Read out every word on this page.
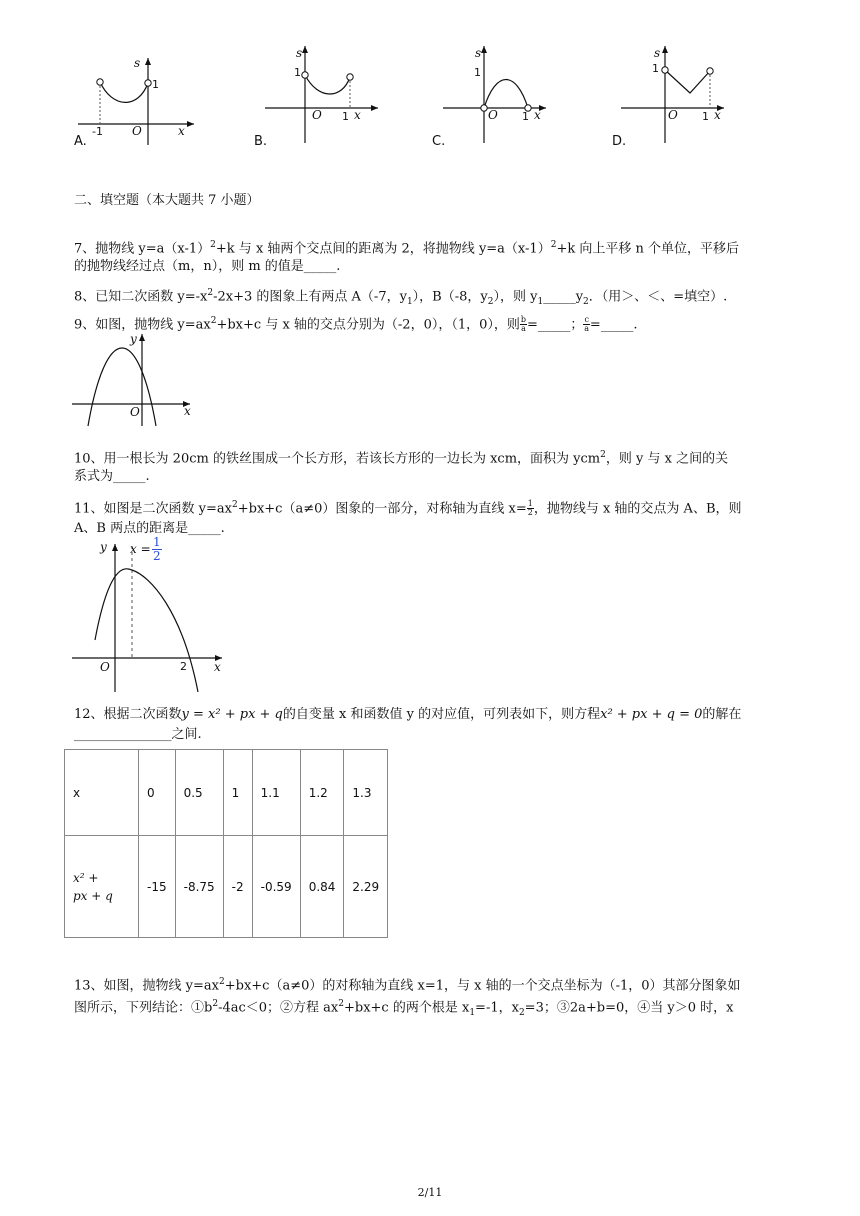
s
-1 O	x
1
A.
s
1
O 1 x
B.
s
1
O 1 x
C.
s
1
O 1 x
D.
二、填空题（本大题共 7 小题）
7、抛物线 $y=a(x-1)^2+k$ 与 x 轴两个交点间的距离为 2，将抛物线 $y=a(x-1)^2+k$ 向上平移 n 个单位，平移后
的抛物线经过点（m，n），则 m 的值是_____.
8、已知二次函数 $y=-x^2-2x+3$ 的图象上有两点 A（-7，$y_1$），B（-8，$y_2$），则 $y_1\_\_\_\_\_y_2$．（用＞、＜、=填空）.
9、如图，抛物线 $y=ax^2+bx+c$ 与 x 轴的交点分别为（-2，0），（1，0），则 $\frac{b}{a}$ =_____； $\frac{c}{a}$ =_____.
y
O	x
10、用一根长为 20cm 的铁丝围成一个长方形，若该长方形的一边长为 xcm，面积为 ycm$^2$，则 y 与 x 之间的关
系式为_____.
11、如图是二次函数 $y=ax^2+bx+c(a\ne 0)$图象的一部分，对称轴为直线 $x= \frac{1}{2}$ ，抛物线与 x 轴的交点为 A、B，则
A、B 两点的距离是_____.
y $x = \frac{1}{2}$
O	2 x
12、根据二次函数y = x² + px + q的自变量 x 和函数值 y 的对应值，可列表如下，则方程x² + px + q = 0的解在
_______________之间.
x	0	0.5	1	1.1	1.2	1.3
x² +
px + q	-15	-8.75	-2	-0.59	0.84	2.29
13、如图，抛物线 $y=ax^2+bx+c(a\ne 0)$的对称轴为直线 x=1，与 x 轴的一个交点坐标为（-1，0）其部分图象如
图所示，下列结论：$①b^2-4ac<0$；②方程 $ax^2+bx+c$ 的两个根是 $x_1=-1$，$x_2=3$；③2a+b=0，④当 y＞0 时，x
2/11
